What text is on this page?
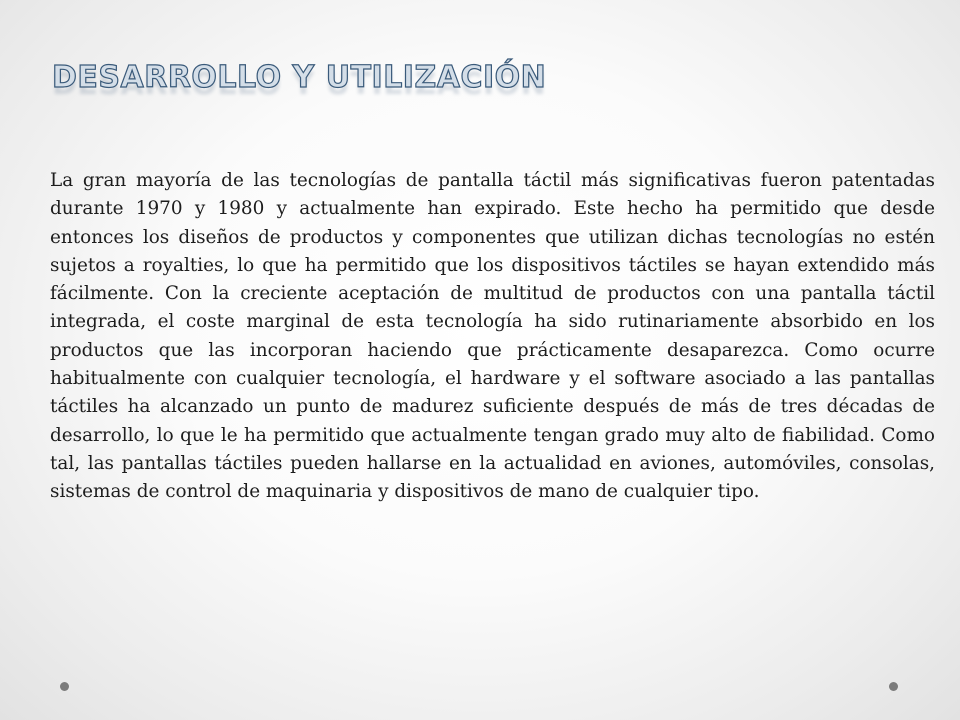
DESARROLLO Y UTILIZACIÓN

La gran mayoría de las tecnologías de pantalla táctil más significativas fueron patentadas durante 1970 y 1980 y actualmente han expirado. Este hecho ha permitido que desde entonces los diseños de productos y componentes que utilizan dichas tecnologías no estén sujetos a royalties, lo que ha permitido que los dispositivos táctiles se hayan extendido más fácilmente. Con la creciente aceptación de multitud de productos con una pantalla táctil integrada, el coste marginal de esta tecnología ha sido rutinariamente absorbido en los productos que las incorporan haciendo que prácticamente desaparezca. Como ocurre habitualmente con cualquier tecnología, el hardware y el software asociado a las pantallas táctiles ha alcanzado un punto de madurez suficiente después de más de tres décadas de desarrollo, lo que le ha permitido que actualmente tengan grado muy alto de fiabilidad. Como tal, las pantallas táctiles pueden hallarse en la actualidad en aviones, automóviles, consolas, sistemas de control de maquinaria y dispositivos de mano de cualquier tipo.
